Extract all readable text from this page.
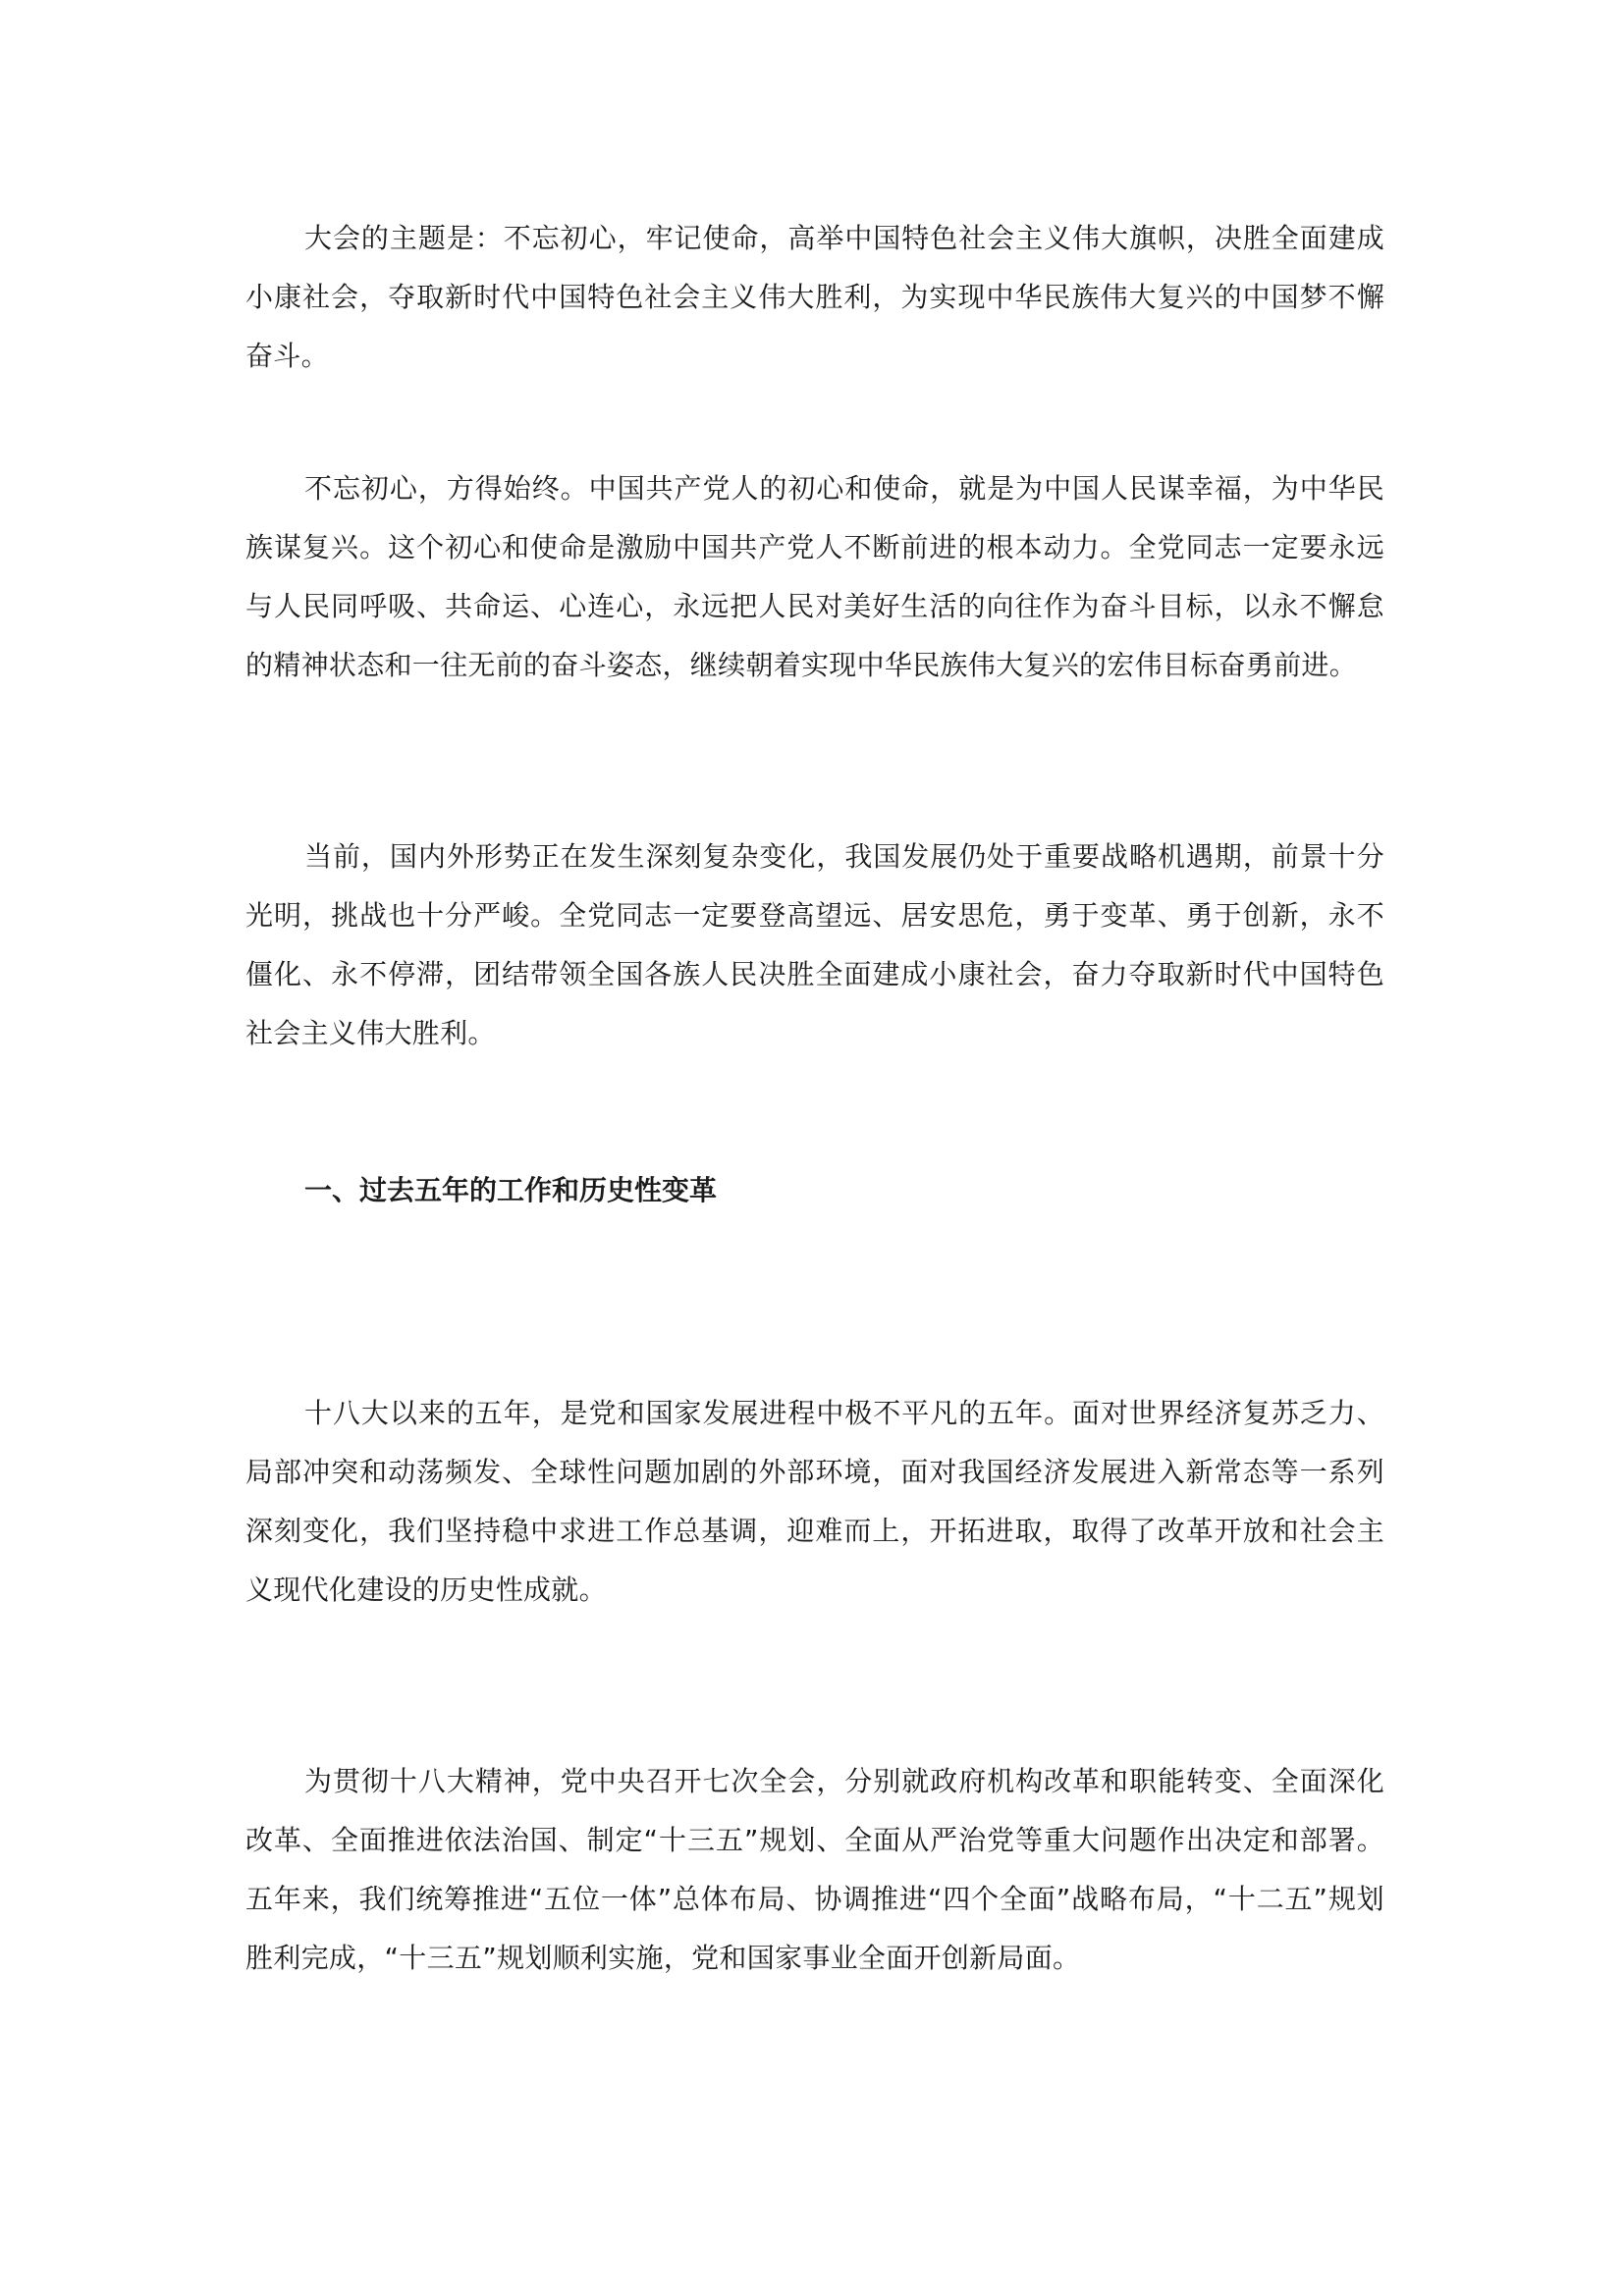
大会的主题是：不忘初心，牢记使命，高举中国特色社会主义伟大旗帜，决胜全面建成小康社会，夺取新时代中国特色社会主义伟大胜利，为实现中华民族伟大复兴的中国梦不懈奋斗。

不忘初心，方得始终。中国共产党人的初心和使命，就是为中国人民谋幸福，为中华民族谋复兴。这个初心和使命是激励中国共产党人不断前进的根本动力。全党同志一定要永远与人民同呼吸、共命运、心连心，永远把人民对美好生活的向往作为奋斗目标，以永不懈怠的精神状态和一往无前的奋斗姿态，继续朝着实现中华民族伟大复兴的宏伟目标奋勇前进。

当前，国内外形势正在发生深刻复杂变化，我国发展仍处于重要战略机遇期，前景十分光明，挑战也十分严峻。全党同志一定要登高望远、居安思危，勇于变革、勇于创新，永不僵化、永不停滞，团结带领全国各族人民决胜全面建成小康社会，奋力夺取新时代中国特色社会主义伟大胜利。

一、过去五年的工作和历史性变革

十八大以来的五年，是党和国家发展进程中极不平凡的五年。面对世界经济复苏乏力、局部冲突和动荡频发、全球性问题加剧的外部环境，面对我国经济发展进入新常态等一系列深刻变化，我们坚持稳中求进工作总基调，迎难而上，开拓进取，取得了改革开放和社会主义现代化建设的历史性成就。

为贯彻十八大精神，党中央召开七次全会，分别就政府机构改革和职能转变、全面深化改革、全面推进依法治国、制定“十三五”规划、全面从严治党等重大问题作出决定和部署。五年来，我们统筹推进“五位一体”总体布局、协调推进“四个全面”战略布局，“十二五”规划胜利完成，“十三五”规划顺利实施，党和国家事业全面开创新局面。
